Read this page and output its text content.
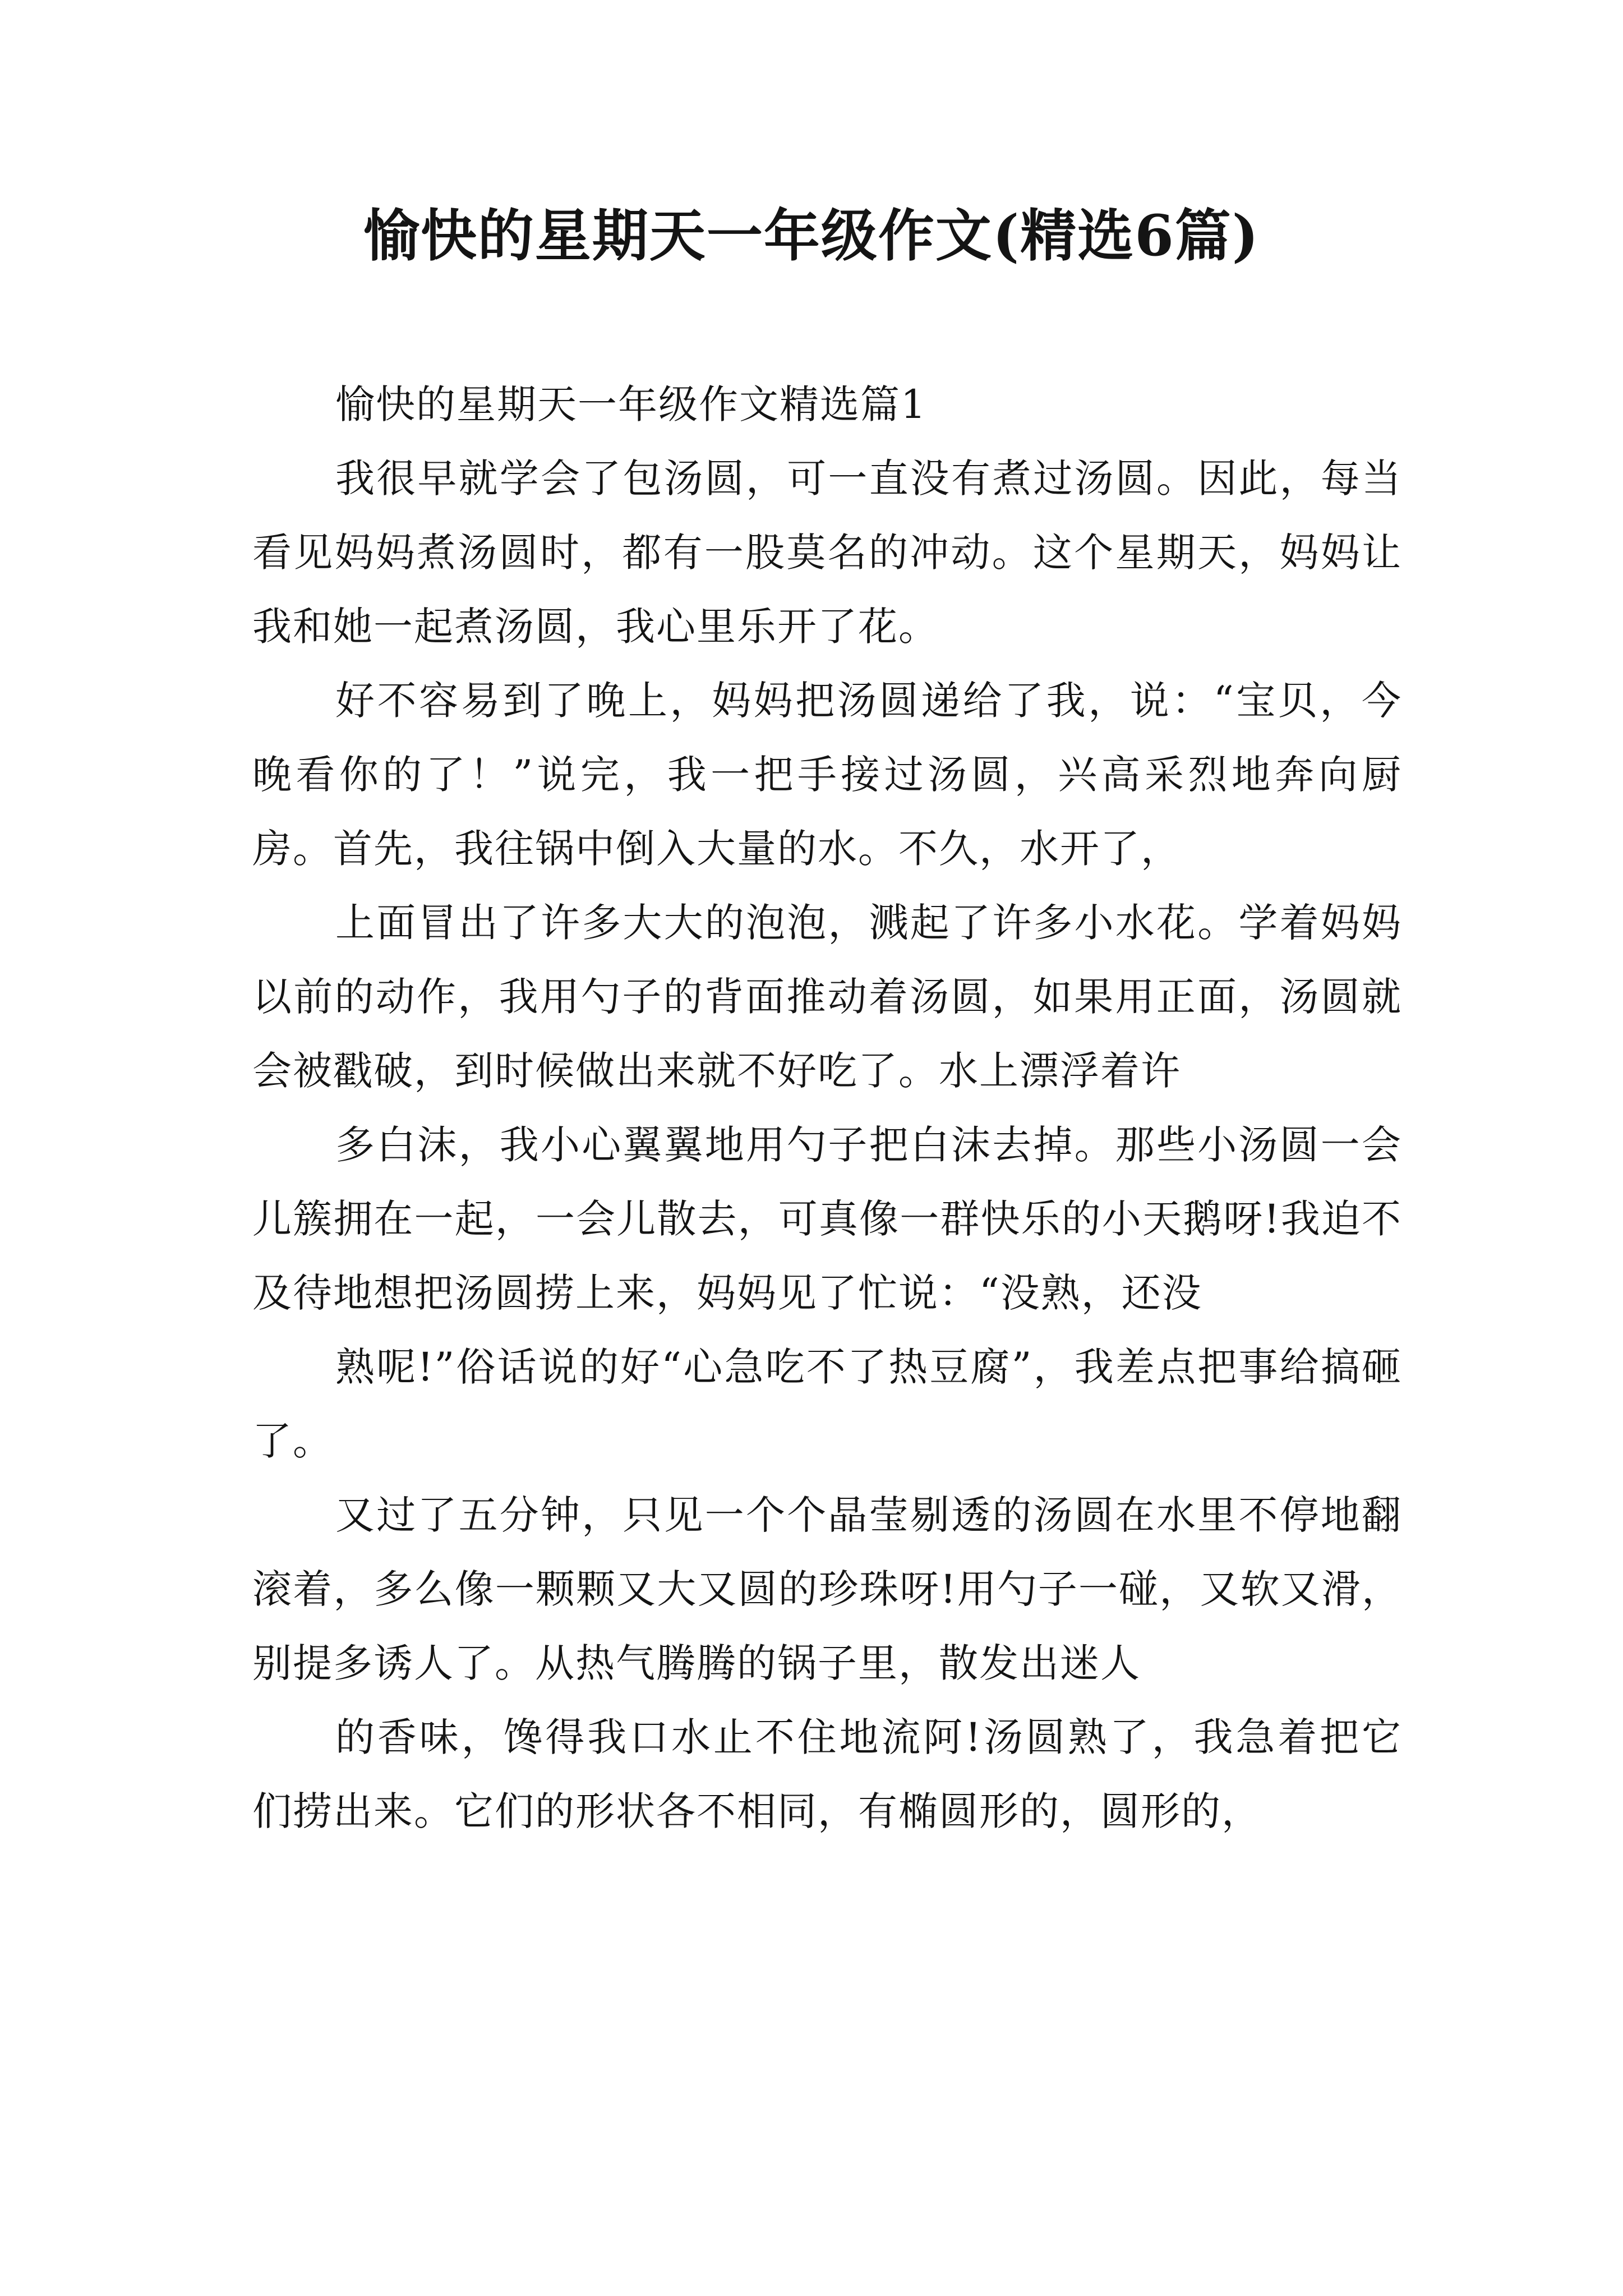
愉快的星期天一年级作文(精选6篇)

愉快的星期天一年级作文精选篇1

我很早就学会了包汤圆，可一直没有煮过汤圆。因此，每当看见妈妈煮汤圆时，都有一股莫名的冲动。这个星期天，妈妈让我和她一起煮汤圆，我心里乐开了花。

好不容易到了晚上，妈妈把汤圆递给了我，说：“宝贝，今晚看你的了！”说完，我一把手接过汤圆，兴高采烈地奔向厨房。首先，我往锅中倒入大量的水。不久，水开了，

上面冒出了许多大大的泡泡，溅起了许多小水花。学着妈妈以前的动作，我用勺子的背面推动着汤圆，如果用正面，汤圆就会被戳破，到时候做出来就不好吃了。水上漂浮着许

多白沫，我小心翼翼地用勺子把白沫去掉。那些小汤圆一会儿簇拥在一起，一会儿散去，可真像一群快乐的小天鹅呀!我迫不及待地想把汤圆捞上来，妈妈见了忙说：“没熟，还没

熟呢!”俗话说的好“心急吃不了热豆腐”，我差点把事给搞砸了。

又过了五分钟，只见一个个晶莹剔透的汤圆在水里不停地翻滚着，多么像一颗颗又大又圆的珍珠呀!用勺子一碰，又软又滑，别提多诱人了。从热气腾腾的锅子里，散发出迷人

的香味，馋得我口水止不住地流阿!汤圆熟了，我急着把它们捞出来。它们的形状各不相同，有椭圆形的，圆形的，
